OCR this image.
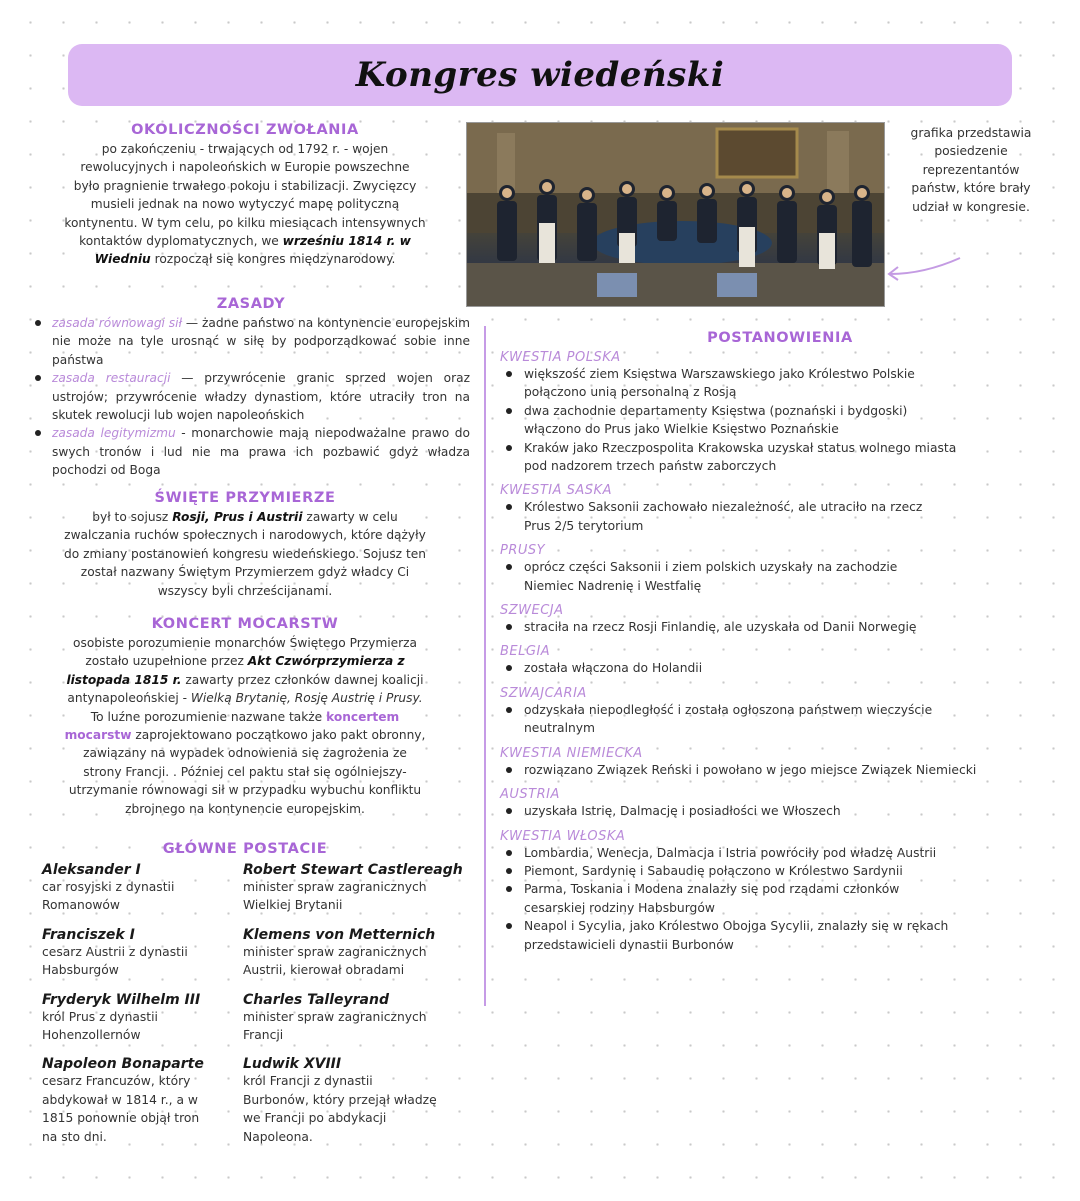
Kongres wiedeński
OKOLICZNOŚCI ZWOŁANIA
po zakończeniu - trwających od 1792 r. - wojen
rewolucyjnych i napoleońskich w Europie powszechne
było pragnienie trwałego pokoju i stabilizacji. Zwycięzcy
musieli jednak na nowo wytyczyć mapę polityczną
kontynentu. W tym celu, po kilku miesiącach intensywnych
kontaktów dyplomatycznych, we wrześniu 1814 r. w
Wiedniu rozpoczął się kongres międzynarodowy.
grafika przedstawia posiedzenie reprezentantów państw, które brały udział w kongresie.
ZASADY
zasada równowagi sił — żadne państwo na kontynencie europejskim nie może na tyle urosnąć w siłę by podporządkować sobie inne państwa
zasada restauracji — przywrócenie granic sprzed wojen oraz ustrojów; przywrócenie władzy dynastiom, które utraciły tron na skutek rewolucji lub wojen napoleońskich
zasada legitymizmu - monarchowie mają niepodważalne prawo do swych tronów i lud nie ma prawa ich pozbawić gdyż władza pochodzi od Boga
ŚWIĘTE PRZYMIERZE
był to sojusz Rosji, Prus i Austrii zawarty w celu
zwalczania ruchów społecznych i narodowych, które dążyły
do zmiany postanowień kongresu wiedeńskiego. Sojusz ten
został nazwany Świętym Przymierzem gdyż władcy Ci
wszyscy byli chrześcijanami.
KONCERT MOCARSTW
osobiste porozumienie monarchów Świętego Przymierza
zostało uzupełnione przez Akt Czwórprzymierza z
listopada 1815 r. zawarty przez członków dawnej koalicji
antynapoleońskiej - Wielką Brytanię, Rosję Austrię i Prusy.
To luźne porozumienie nazwane także koncertem
mocarstw zaprojektowano początkowo jako pakt obronny,
zawiązany na wypadek odnowienia się zagrożenia ze
strony Francji. . Później cel paktu stał się ogólniejszy-
utrzymanie równowagi sił w przypadku wybuchu konfliktu
zbrojnego na kontynencie europejskim.
GŁÓWNE POSTACIE
Aleksander I
car rosyjski z dynastii
Romanowów
Franciszek I
cesarz Austrii z dynastii
Habsburgów
Fryderyk Wilhelm III
król Prus z dynastii
Hohenzollernów
Napoleon Bonaparte
cesarz Francuzów, który
abdykował w 1814 r., a w
1815 ponownie objął tron
na sto dni.
Robert Stewart Castlereagh
minister spraw zagranicznych
Wielkiej Brytanii
Klemens von Metternich
minister spraw zagranicznych
Austrii, kierował obradami
Charles Talleyrand
minister spraw zagranicznych
Francji
Ludwik XVIII
król Francji z dynastii
Burbonów, który przejął władzę
we Francji po abdykacji
Napoleona.
POSTANOWIENIA
KWESTIA POLSKA
większość ziem Księstwa Warszawskiego jako Królestwo Polskie
połączono unią personalną z Rosją
dwa zachodnie departamenty Księstwa (poznański i bydgoski)
włączono do Prus jako Wielkie Księstwo Poznańskie
Kraków jako Rzeczpospolita Krakowska uzyskał status wolnego miasta
pod nadzorem trzech państw zaborczych
KWESTIA SASKA
Królestwo Saksonii zachowało niezależność, ale utraciło na rzecz
Prus 2/5 terytorium
PRUSY
oprócz części Saksonii i ziem polskich uzyskały na zachodzie
Niemiec Nadrenię i Westfalię
SZWECJA
straciła na rzecz Rosji Finlandię, ale uzyskała od Danii Norwegię
BELGIA
została włączona do Holandii
SZWAJCARIA
odzyskała niepodległość i została ogłoszona państwem wieczyście
neutralnym
KWESTIA NIEMIECKA
rozwiązano Związek Reński i powołano w jego miejsce Związek Niemiecki
AUSTRIA
uzyskała Istrię, Dalmację i posiadłości we Włoszech
KWESTIA WŁOSKA
Lombardia, Wenecja, Dalmacja i Istria powróciły pod władzę Austrii
Piemont, Sardynię i Sabaudię połączono w Królestwo Sardynii
Parma, Toskania i Modena znalazły się pod rządami członków
cesarskiej rodziny Habsburgów
Neapol i Sycylia, jako Królestwo Obojga Sycylii, znalazły się w rękach
przedstawicieli dynastii Burbonów
